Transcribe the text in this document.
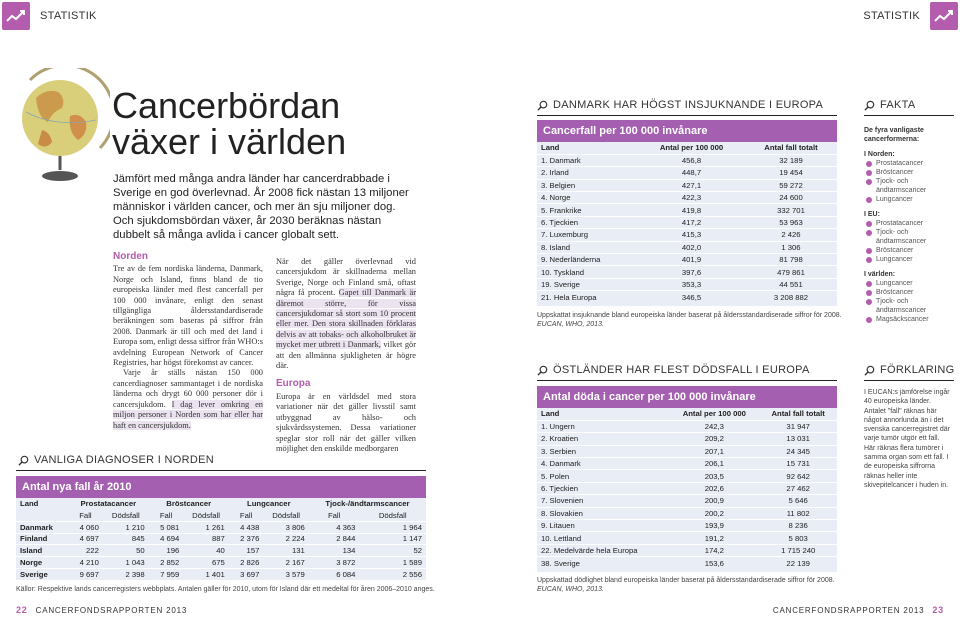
STATISTIK	STATISTIK
Cancerbördan
växer i världen

Jämfört med många andra länder har cancerdrabbade i Sverige en god överlevnad. År 2008 fick nästan 13 miljoner människor i världen cancer, och mer än sju miljoner dog. Och sjukdomsbördan växer, år 2030 beräknas nästan dubbelt så många avlida i cancer globalt sett.

Norden

Tre av de fem nordiska länderna, Danmark, Norge och Island, finns bland de tio europeiska länder med flest cancerfall per 100 000 invånare, enligt den senast tillgängliga åldersstandardiserade beräkningen som baseras på siffror från 2008. Danmark är till och med det land i Europa som, enligt dessa siffror från WHO:s avdelning European Network of Cancer Registries, har högst förekomst av cancer.

Varje år ställs nästan 150 000 cancerdiagnoser sammantaget i de nordiska länderna och drygt 60 000 personer dör i cancersjukdom. I dag lever omkring en miljon personer i Norden som har eller har haft en cancersjukdom.

När det gäller överlevnad vid cancersjukdom är skillnaderna mellan Sverige, Norge och Finland små, oftast några få procent. Gapet till Danmark är däremot större, för vissa cancersjukdomar så stort som 10 procent eller mer. Den stora skillnaden förklaras delvis av att tobaks- och alkoholbruket är mycket mer utbrett i Danmark, vilket gör att den allmänna sjukligheten är högre där.

Europa

Europa är en världsdel med stora variationer när det gäller livsstil samt utbyggnad av hälso- och sjukvårdssystemen. Dessa variationer speglar stor roll när det gäller vilken möjlighet den enskilde medborgaren

VANLIGA DIAGNOSER I NORDEN
Antal nya fall år 2010
Land	Prostatacancer		Bröstcancer		Lungcancer		Tjock-/ändtarmscancer	
	Fall	Dödsfall	Fall	Dödsfall	Fall	Dödsfall	Fall	Dödsfall
Danmark	4 060	1 210	5 081	1 261	4 438	3 806	4 363	1 964
Finland	4 697	845	4 694	887	2 376	2 224	2 844	1 147
Island	222	50	196	40	157	131	134	52
Norge	4 210	1 043	2 852	675	2 826	2 167	3 872	1 589
Sverige	9 697	2 398	7 959	1 401	3 697	3 579	6 084	2 556

Källor: Respektive lands cancerregisters webbplats. Antalen gäller för 2010, utom för Island där ett medeltal för åren 2006–2010 anges.

DANMARK HAR HÖGST INSJUKNANDE I EUROPA
Cancerfall per 100 000 invånare
Land	Antal per 100 000	Antal fall totalt
1. Danmark	456,8	32 189
2. Irland	448,7	19 454
3. Belgien	427,1	59 272
4. Norge	422,3	24 600
5. Frankrike	419,8	332 701
6. Tjeckien	417,2	53 963
7. Luxemburg	415,3	2 426
8. Island	402,0	1 306
9. Nederländerna	401,9	81 798
10. Tyskland	397,6	479 861
19. Sverige	353,3	44 551
21. Hela Europa	346,5	3 208 882

Uppskattat insjuknande bland europeiska länder baserat på åldersstandardiserade siffror för 2008.
EUCAN, WHO, 2013.

ÖSTLÄNDER HAR FLEST DÖDSFALL I EUROPA
Antal döda i cancer per 100 000 invånare
Land	Antal per 100 000	Antal fall totalt
1. Ungern	242,3	31 947
2. Kroatien	209,2	13 031
3. Serbien	207,1	24 345
4. Danmark	206,1	15 731
5. Polen	203,5	92 642
6. Tjeckien	202,6	27 462
7. Slovenien	200,9	5 646
8. Slovakien	200,2	11 802
9. Litauen	193,9	8 236
10. Lettland	191,2	5 803
22. Medelvärde hela Europa	174,2	1 715 240
38. Sverige	153,6	22 139

Uppskattad dödlighet bland europeiska länder baserat på åldersstandardiserade siffror för 2008.
EUCAN, WHO, 2013.

FAKTA
De fyra vanligaste cancerformerna:
I Norden:
Prostatacancer
Bröstcancer
Tjock- och ändtarmscancer
Lungcancer
I EU:
Prostatacancer
Tjock- och ändtarmscancer
Bröstcancer
Lungcancer
I världen:
Lungcancer
Bröstcancer
Tjock- och ändtarmscancer
Magsäckscancer
FÖRKLARING

I EUCAN:s jämförelse ingår 40 europeiska länder. Antalet "fall" räknas här något annorlunda än i det svenska cancerregistret där varje tumör utgör ett fall. Här räknas flera tumörer i samma organ som ett fall. I de europeiska siffrorna räknas heller inte skivepitelcancer i huden in.

22 CANCERFONDSRAPPORTEN 2013	CANCERFONDSRAPPORTEN 2013 23
